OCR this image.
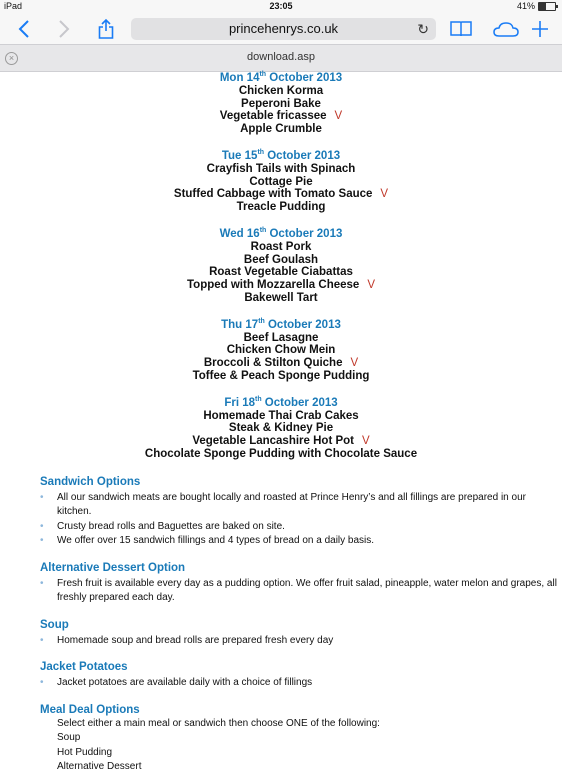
iPad	23:05	41%
princehenrys.co.uk	↻
×	download.asp
Mon 14th October 2013
Chicken Korma
Peperoni Bake
Vegetable fricassee V
Apple Crumble
Tue 15th October 2013
Crayfish Tails with Spinach
Cottage Pie
Stuffed Cabbage with Tomato Sauce V
Treacle Pudding
Wed 16th October 2013
Roast Pork
Beef Goulash
Roast Vegetable Ciabattas
Topped with Mozzarella Cheese V
Bakewell Tart
Thu 17th October 2013
Beef Lasagne
Chicken Chow Mein
Broccoli & Stilton Quiche V
Toffee & Peach Sponge Pudding
Fri 18th October 2013
Homemade Thai Crab Cakes
Steak & Kidney Pie
Vegetable Lancashire Hot Pot V
Chocolate Sponge Pudding with Chocolate Sauce
Sandwich Options
• All our sandwich meats are bought locally and roasted at Prince Henry’s and all fillings are prepared in our kitchen.
• Crusty bread rolls and Baguettes are baked on site.
• We offer over 15 sandwich fillings and 4 types of bread on a daily basis.
Alternative Dessert Option
• Fresh fruit is available every day as a pudding option. We offer fruit salad, pineapple, water melon and grapes, all freshly prepared each day.
Soup
• Homemade soup and bread rolls are prepared fresh every day
Jacket Potatoes
• Jacket potatoes are available daily with a choice of fillings
Meal Deal Options
Select either a main meal or sandwich then choose ONE of the following:
Soup
Hot Pudding
Alternative Dessert
